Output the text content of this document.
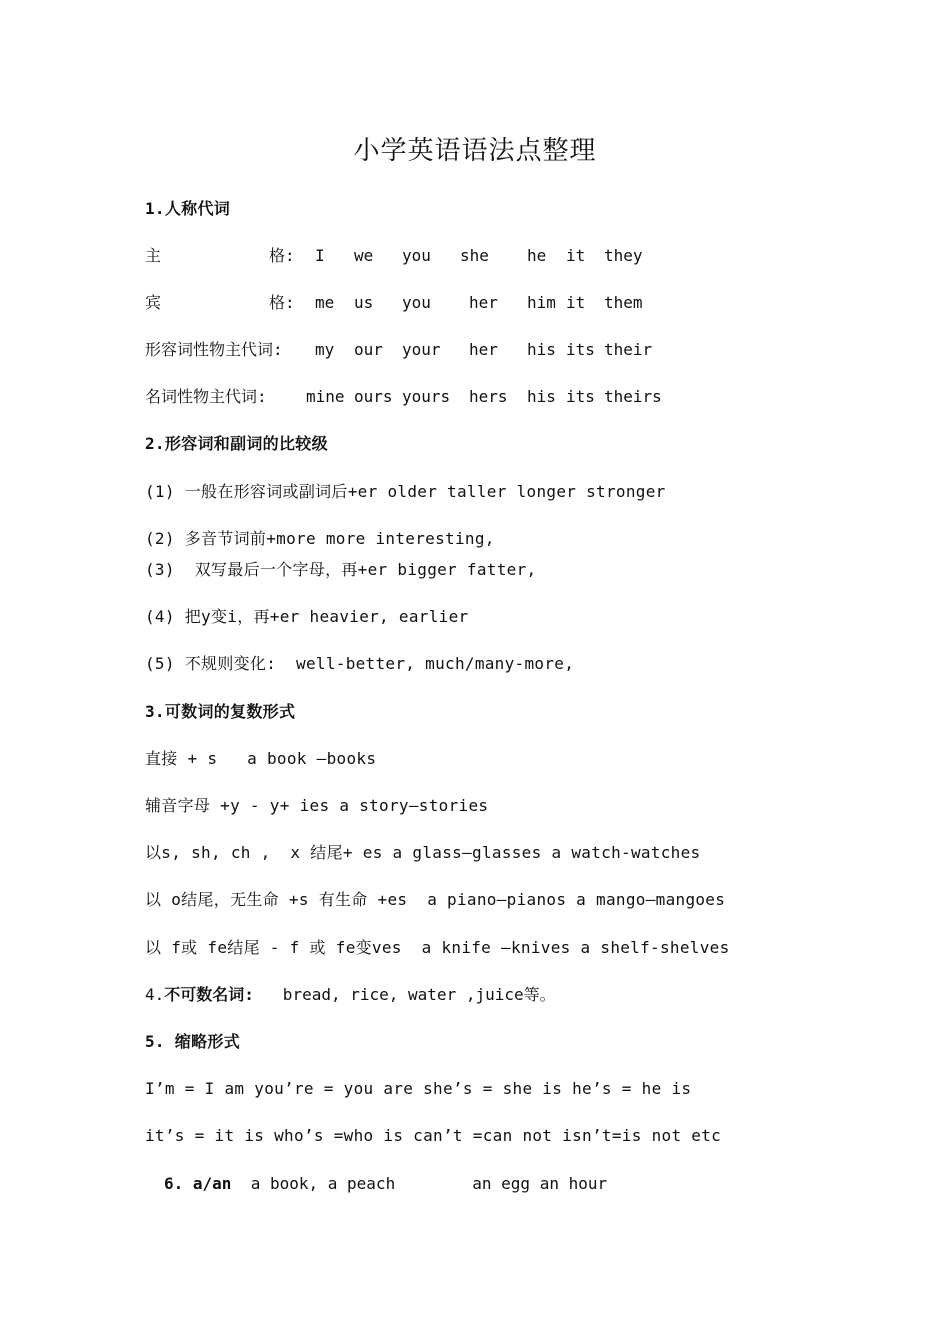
小学英语语法点整理
1.人称代词
主	格: I we you she he it they
宾	格: me us you her him it them
形容词性物主代词: my our your her his its their
名词性物主代词: mine ours yours hers his its theirs
2.形容词和副词的比较级
(1) 一般在形容词或副词后+er older taller longer stronger
(2) 多音节词前+more more interesting,
(3)  双写最后一个字母，再+er bigger fatter,
(4) 把y变i，再+er heavier, earlier
(5) 不规则变化:  well-better, much/many-more,
3.可数词的复数形式
直接 + s   a book –books
辅音字母 +y - y+ ies a story—stories
以s, sh, ch ,  x 结尾+ es a glass—glasses a watch-watches
以 o结尾，无生命 +s 有生命 +es  a piano—pianos a mango—mangoes
以 f或 fe结尾 - f 或 fe变ves  a knife –knives a shelf-shelves
4.不可数名词:   bread, rice, water ,juice等。
5. 缩略形式
I’m = I am you’re = you are she’s = she is he’s = he is
it’s = it is who’s =who is can’t =can not isn’t=is not etc
6. a/an  a book, a peach        an egg an hour
